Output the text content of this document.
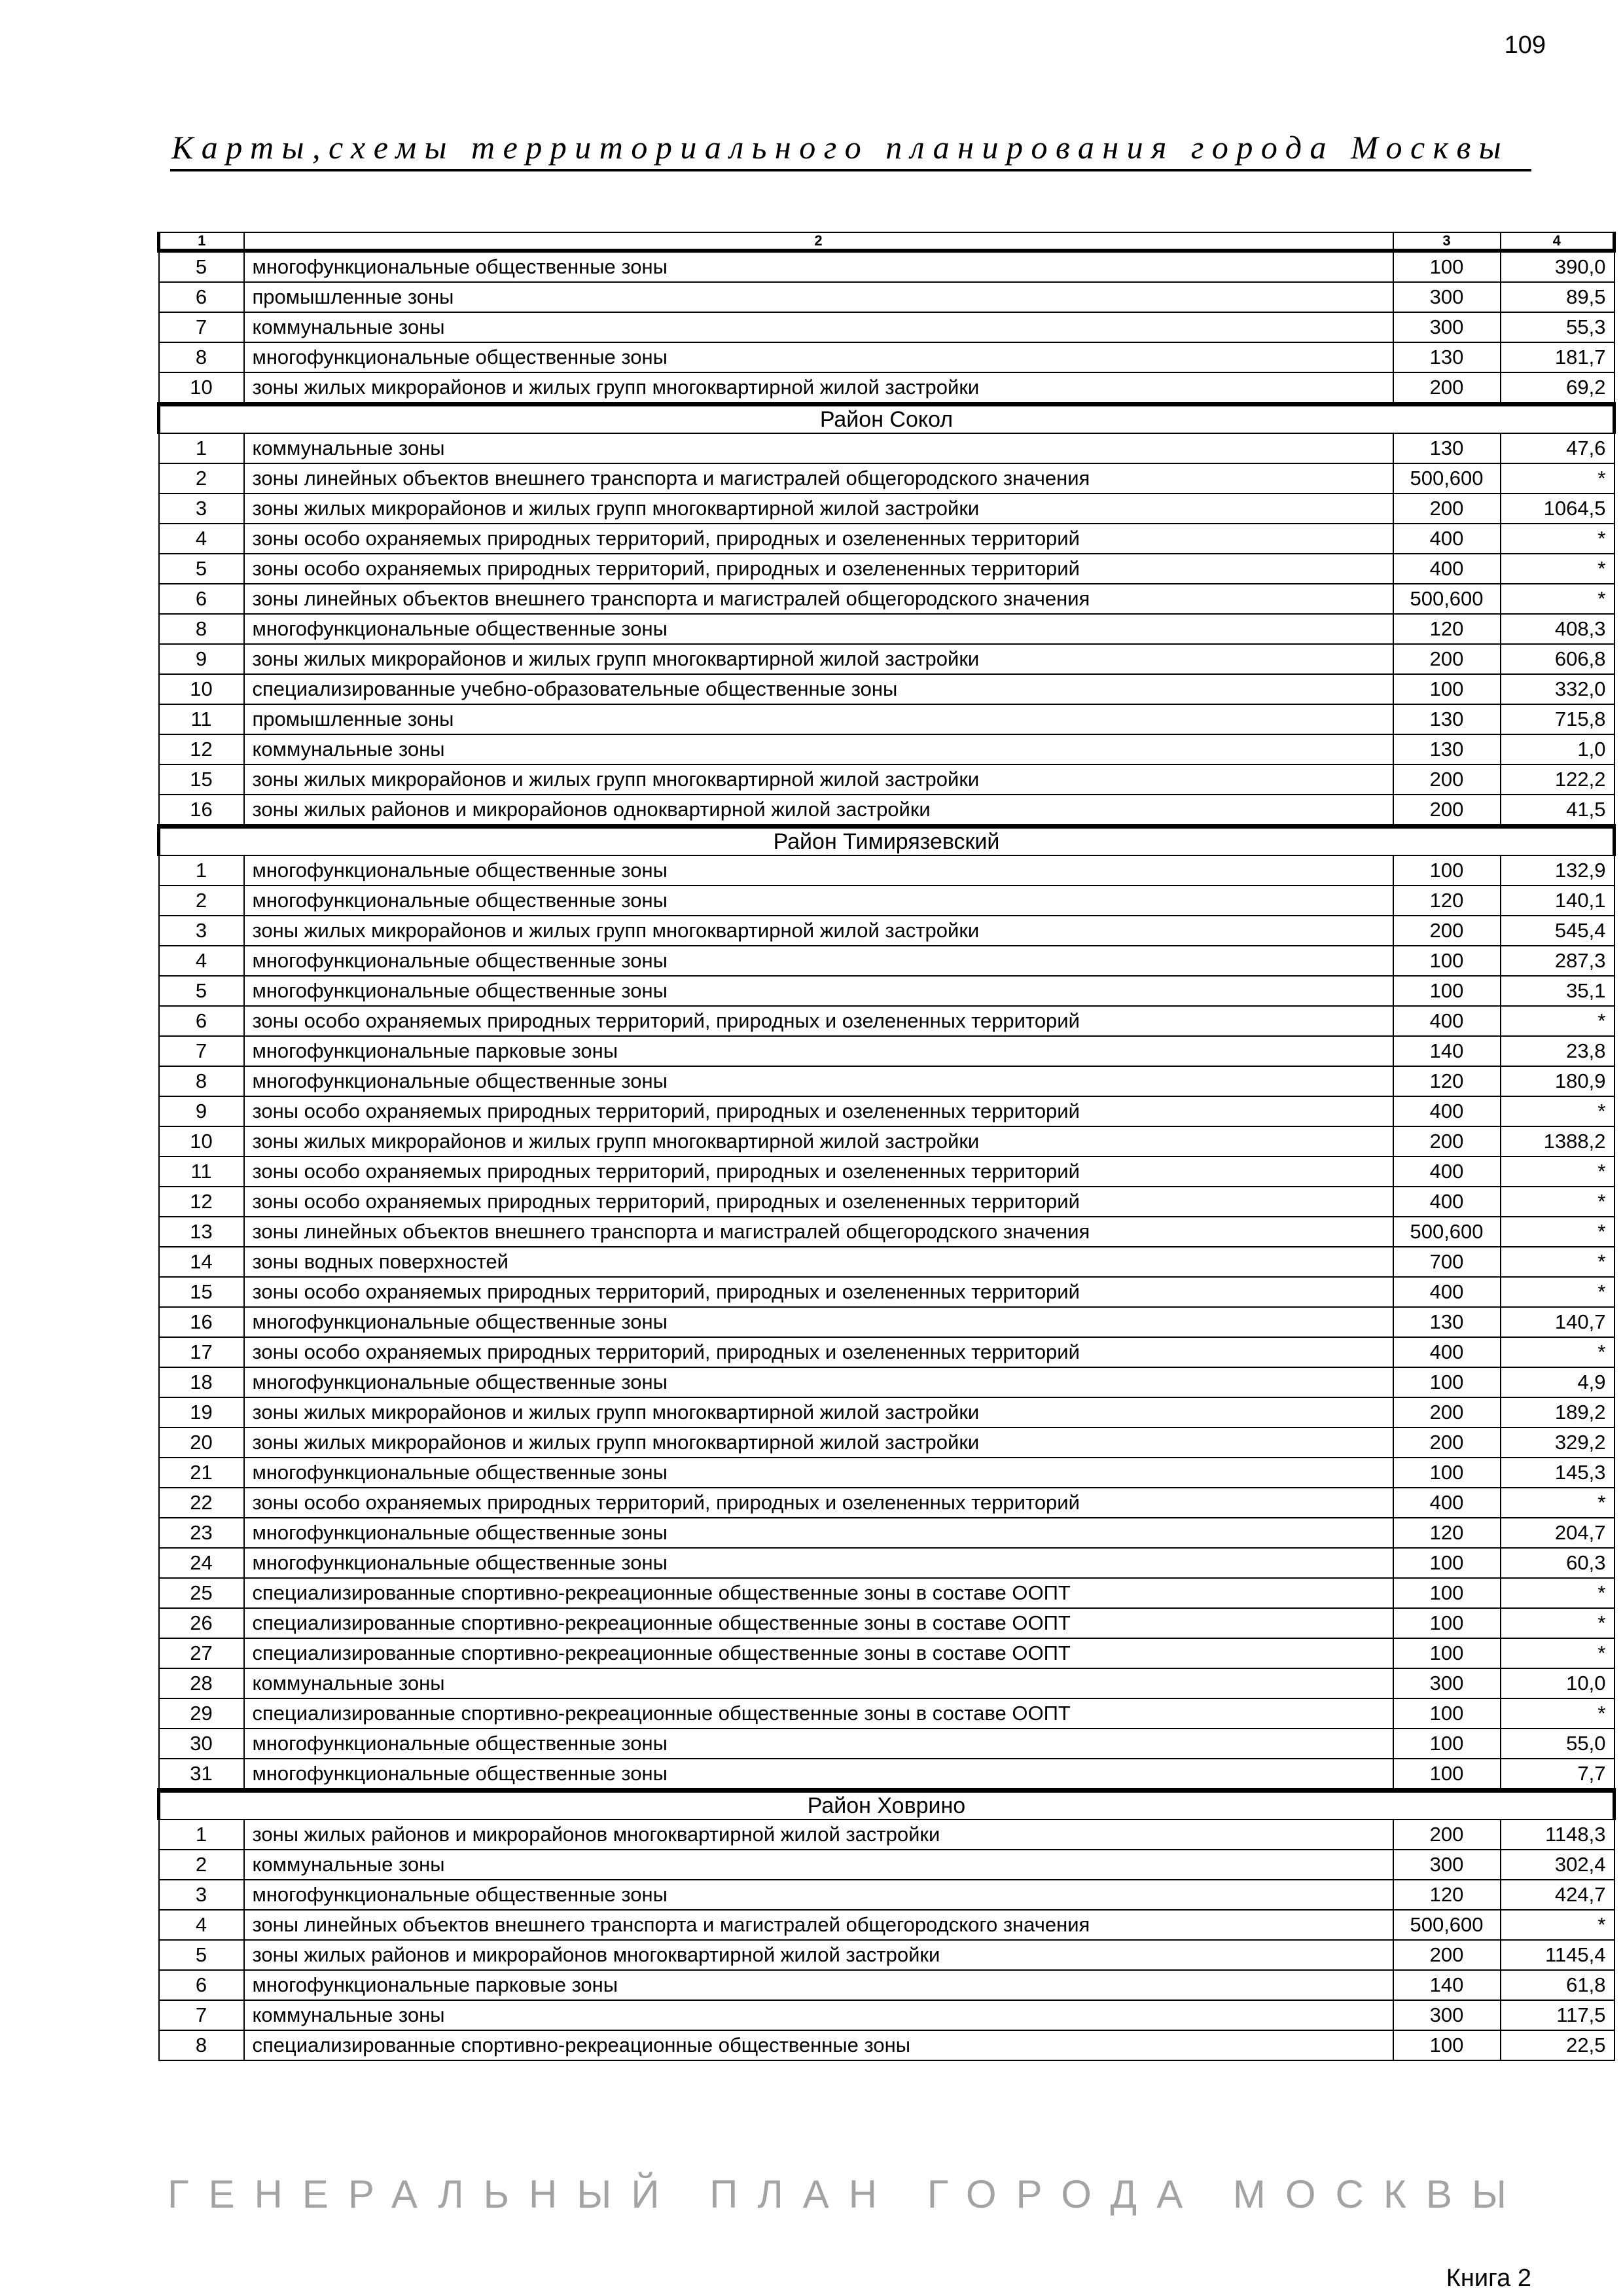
109
Карты,схемы территориального планирования города Москвы
1	2	3	4
5	многофункциональные общественные зоны	100	390,0
6	промышленные зоны	300	89,5
7	коммунальные зоны	300	55,3
8	многофункциональные общественные зоны	130	181,7
10	зоны жилых микрорайонов и жилых групп многоквартирной жилой застройки	200	69,2
Район Сокол			
1	коммунальные зоны	130	47,6
2	зоны линейных объектов внешнего транспорта и магистралей общегородского значения	500,600	*
3	зоны жилых микрорайонов и жилых групп многоквартирной жилой застройки	200	1064,5
4	зоны особо охраняемых природных территорий, природных и озелененных территорий	400	*
5	зоны особо охраняемых природных территорий, природных и озелененных территорий	400	*
6	зоны линейных объектов внешнего транспорта и магистралей общегородского значения	500,600	*
8	многофункциональные общественные зоны	120	408,3
9	зоны жилых микрорайонов и жилых групп многоквартирной жилой застройки	200	606,8
10	специализированные учебно-образовательные общественные зоны	100	332,0
11	промышленные зоны	130	715,8
12	коммунальные зоны	130	1,0
15	зоны жилых микрорайонов и жилых групп многоквартирной жилой застройки	200	122,2
16	зоны жилых районов и микрорайонов одноквартирной жилой застройки	200	41,5
Район Тимирязевский			
1	многофункциональные общественные зоны	100	132,9
2	многофункциональные общественные зоны	120	140,1
3	зоны жилых микрорайонов и жилых групп многоквартирной жилой застройки	200	545,4
4	многофункциональные общественные зоны	100	287,3
5	многофункциональные общественные зоны	100	35,1
6	зоны особо охраняемых природных территорий, природных и озелененных территорий	400	*
7	многофункциональные парковые зоны	140	23,8
8	многофункциональные общественные зоны	120	180,9
9	зоны особо охраняемых природных территорий, природных и озелененных территорий	400	*
10	зоны жилых микрорайонов и жилых групп многоквартирной жилой застройки	200	1388,2
11	зоны особо охраняемых природных территорий, природных и озелененных территорий	400	*
12	зоны особо охраняемых природных территорий, природных и озелененных территорий	400	*
13	зоны линейных объектов внешнего транспорта и магистралей общегородского значения	500,600	*
14	зоны водных поверхностей	700	*
15	зоны особо охраняемых природных территорий, природных и озелененных территорий	400	*
16	многофункциональные общественные зоны	130	140,7
17	зоны особо охраняемых природных территорий, природных и озелененных территорий	400	*
18	многофункциональные общественные зоны	100	4,9
19	зоны жилых микрорайонов и жилых групп многоквартирной жилой застройки	200	189,2
20	зоны жилых микрорайонов и жилых групп многоквартирной жилой застройки	200	329,2
21	многофункциональные общественные зоны	100	145,3
22	зоны особо охраняемых природных территорий, природных и озелененных территорий	400	*
23	многофункциональные общественные зоны	120	204,7
24	многофункциональные общественные зоны	100	60,3
25	специализированные спортивно-рекреационные общественные зоны в составе ООПТ	100	*
26	специализированные спортивно-рекреационные общественные зоны в составе ООПТ	100	*
27	специализированные спортивно-рекреационные общественные зоны в составе ООПТ	100	*
28	коммунальные зоны	300	10,0
29	специализированные спортивно-рекреационные общественные зоны в составе ООПТ	100	*
30	многофункциональные общественные зоны	100	55,0
31	многофункциональные общественные зоны	100	7,7
Район Ховрино			
1	зоны жилых районов и микрорайонов многоквартирной жилой застройки	200	1148,3
2	коммунальные зоны	300	302,4
3	многофункциональные общественные зоны	120	424,7
4	зоны линейных объектов внешнего транспорта и магистралей общегородского значения	500,600	*
5	зоны жилых районов и микрорайонов многоквартирной жилой застройки	200	1145,4
6	многофункциональные парковые зоны	140	61,8
7	коммунальные зоны	300	117,5
8	специализированные спортивно-рекреационные общественные зоны	100	22,5
ГЕНЕРАЛЬНЫЙ ПЛАН ГОРОДА МОСКВЫ
Книга 2
